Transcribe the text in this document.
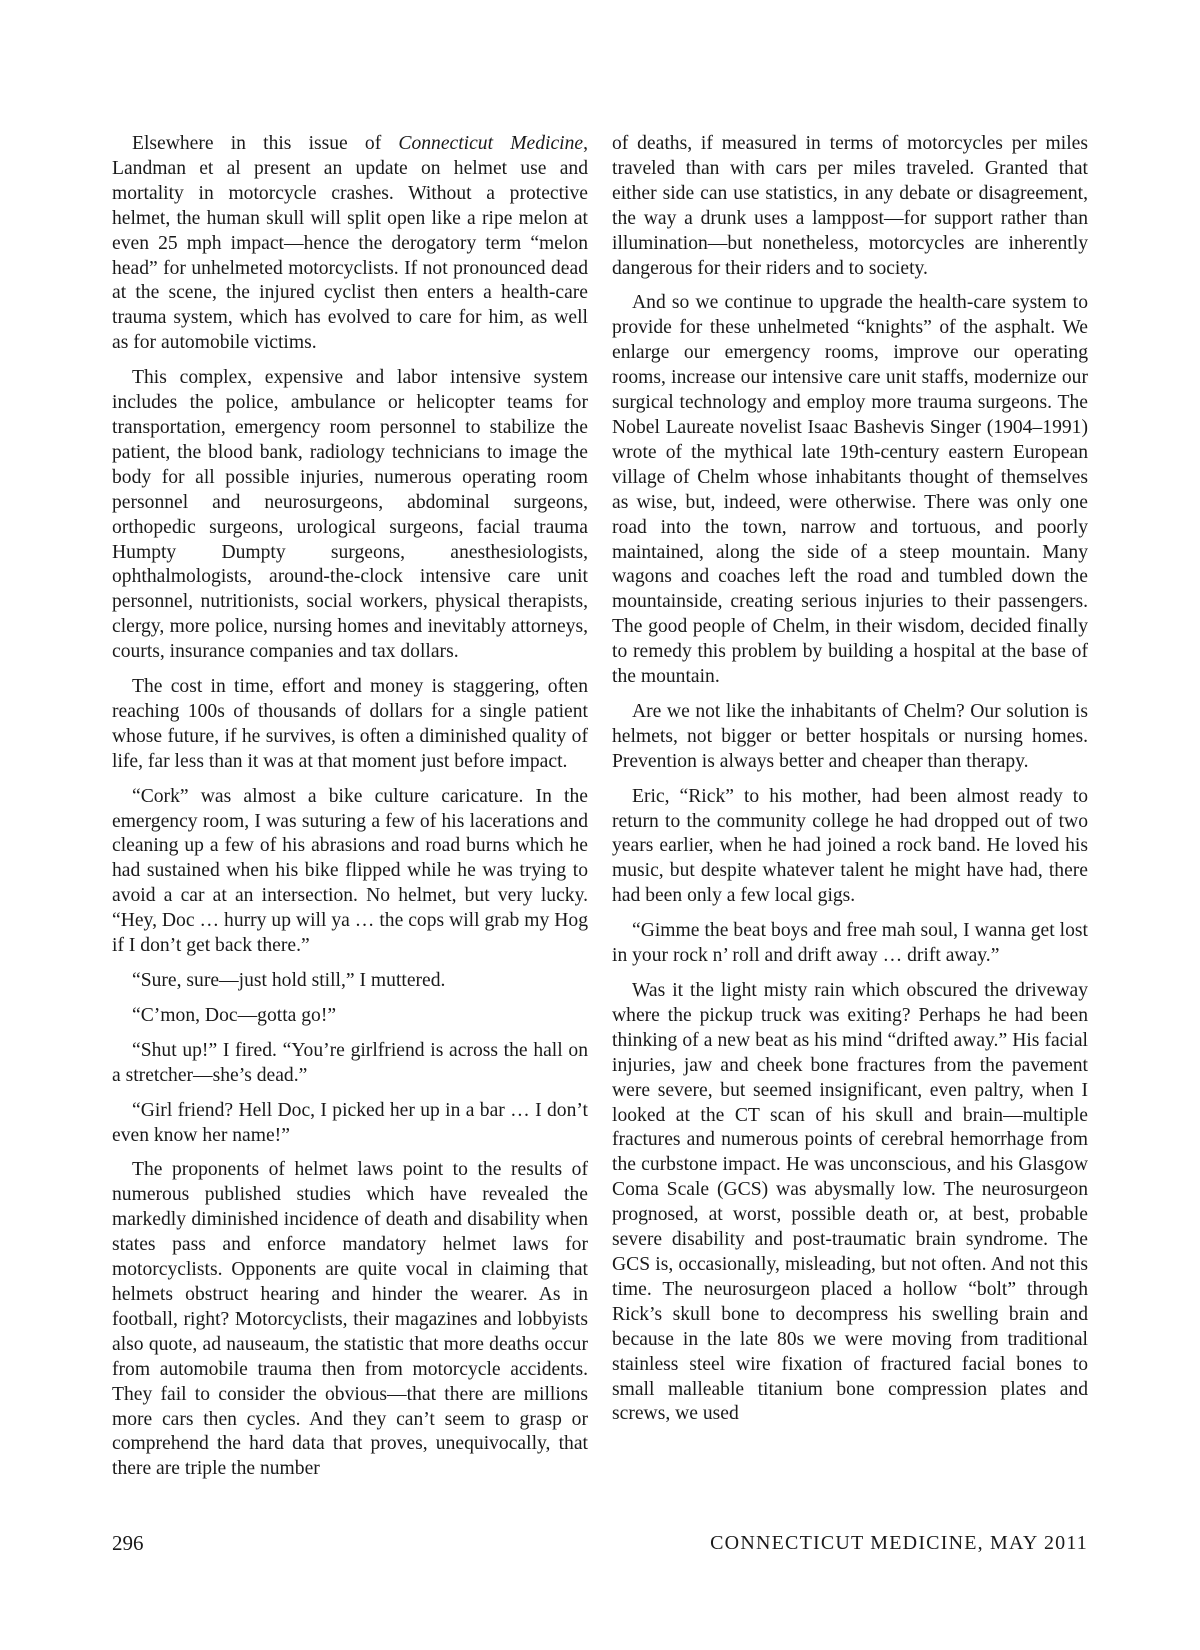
Elsewhere in this issue of Connecticut Medicine, Landman et al present an update on helmet use and mortality in motorcycle crashes. Without a protective helmet, the human skull will split open like a ripe melon at even 25 mph impact—hence the derogatory term “melon head” for unhelmeted motorcyclists. If not pronounced dead at the scene, the injured cyclist then enters a health-care trauma system, which has evolved to care for him, as well as for automobile victims.

This complex, expensive and labor intensive system includes the police, ambulance or helicopter teams for transportation, emergency room personnel to stabilize the patient, the blood bank, radiology technicians to image the body for all possible injuries, numerous operating room personnel and neurosurgeons, abdominal surgeons, orthopedic surgeons, urological surgeons, facial trauma Humpty Dumpty surgeons, anesthesiologists, ophthalmologists, around-the-clock intensive care unit personnel, nutritionists, social workers, physical therapists, clergy, more police, nursing homes and inevitably attorneys, courts, insurance companies and tax dollars.

The cost in time, effort and money is staggering, often reaching 100s of thousands of dollars for a single patient whose future, if he survives, is often a diminished quality of life, far less than it was at that moment just before impact.

“Cork” was almost a bike culture caricature. In the emergency room, I was suturing a few of his lacerations and cleaning up a few of his abrasions and road burns which he had sustained when his bike flipped while he was trying to avoid a car at an intersection. No helmet, but very lucky. “Hey, Doc … hurry up will ya … the cops will grab my Hog if I don’t get back there.”

“Sure, sure—just hold still,” I muttered.

“C’mon, Doc—gotta go!”

“Shut up!” I fired. “You’re girlfriend is across the hall on a stretcher—she’s dead.”

“Girl friend? Hell Doc, I picked her up in a bar … I don’t even know her name!”

The proponents of helmet laws point to the results of numerous published studies which have revealed the markedly diminished incidence of death and disability when states pass and enforce mandatory helmet laws for motorcyclists. Opponents are quite vocal in claiming that helmets obstruct hearing and hinder the wearer. As in football, right? Motorcyclists, their magazines and lobbyists also quote, ad nauseaum, the statistic that more deaths occur from automobile trauma then from motorcycle accidents. They fail to consider the obvious—that there are millions more cars then cycles. And they can’t seem to grasp or comprehend the hard data that proves, unequivocally, that there are triple the number

of deaths, if measured in terms of motorcycles per miles traveled than with cars per miles traveled. Granted that either side can use statistics, in any debate or disagreement, the way a drunk uses a lamppost—for support rather than illumination—but nonetheless, motorcycles are inherently dangerous for their riders and to society.

And so we continue to upgrade the health-care system to provide for these unhelmeted “knights” of the asphalt. We enlarge our emergency rooms, improve our operating rooms, increase our intensive care unit staffs, modernize our surgical technology and employ more trauma surgeons. The Nobel Laureate novelist Isaac Bashevis Singer (1904–1991) wrote of the mythical late 19th-century eastern European village of Chelm whose inhabitants thought of themselves as wise, but, indeed, were otherwise. There was only one road into the town, narrow and tortuous, and poorly maintained, along the side of a steep mountain. Many wagons and coaches left the road and tumbled down the mountainside, creating serious injuries to their passengers. The good people of Chelm, in their wisdom, decided finally to remedy this problem by building a hospital at the base of the mountain.

Are we not like the inhabitants of Chelm? Our solution is helmets, not bigger or better hospitals or nursing homes. Prevention is always better and cheaper than therapy.

Eric, “Rick” to his mother, had been almost ready to return to the community college he had dropped out of two years earlier, when he had joined a rock band. He loved his music, but despite whatever talent he might have had, there had been only a few local gigs.

“Gimme the beat boys and free mah soul, I wanna get lost in your rock n’ roll and drift away … drift away.”

Was it the light misty rain which obscured the driveway where the pickup truck was exiting? Perhaps he had been thinking of a new beat as his mind “drifted away.” His facial injuries, jaw and cheek bone fractures from the pavement were severe, but seemed insignificant, even paltry, when I looked at the CT scan of his skull and brain—multiple fractures and numerous points of cerebral hemorrhage from the curbstone impact. He was unconscious, and his Glasgow Coma Scale (GCS) was abysmally low. The neurosurgeon prognosed, at worst, possible death or, at best, probable severe disability and post-traumatic brain syndrome. The GCS is, occasionally, misleading, but not often. And not this time. The neurosurgeon placed a hollow “bolt” through Rick’s skull bone to decompress his swelling brain and because in the late 80s we were moving from traditional stainless steel wire fixation of fractured facial bones to small malleable titanium bone compression plates and screws, we used

296	CONNECTICUT MEDICINE, MAY 2011
